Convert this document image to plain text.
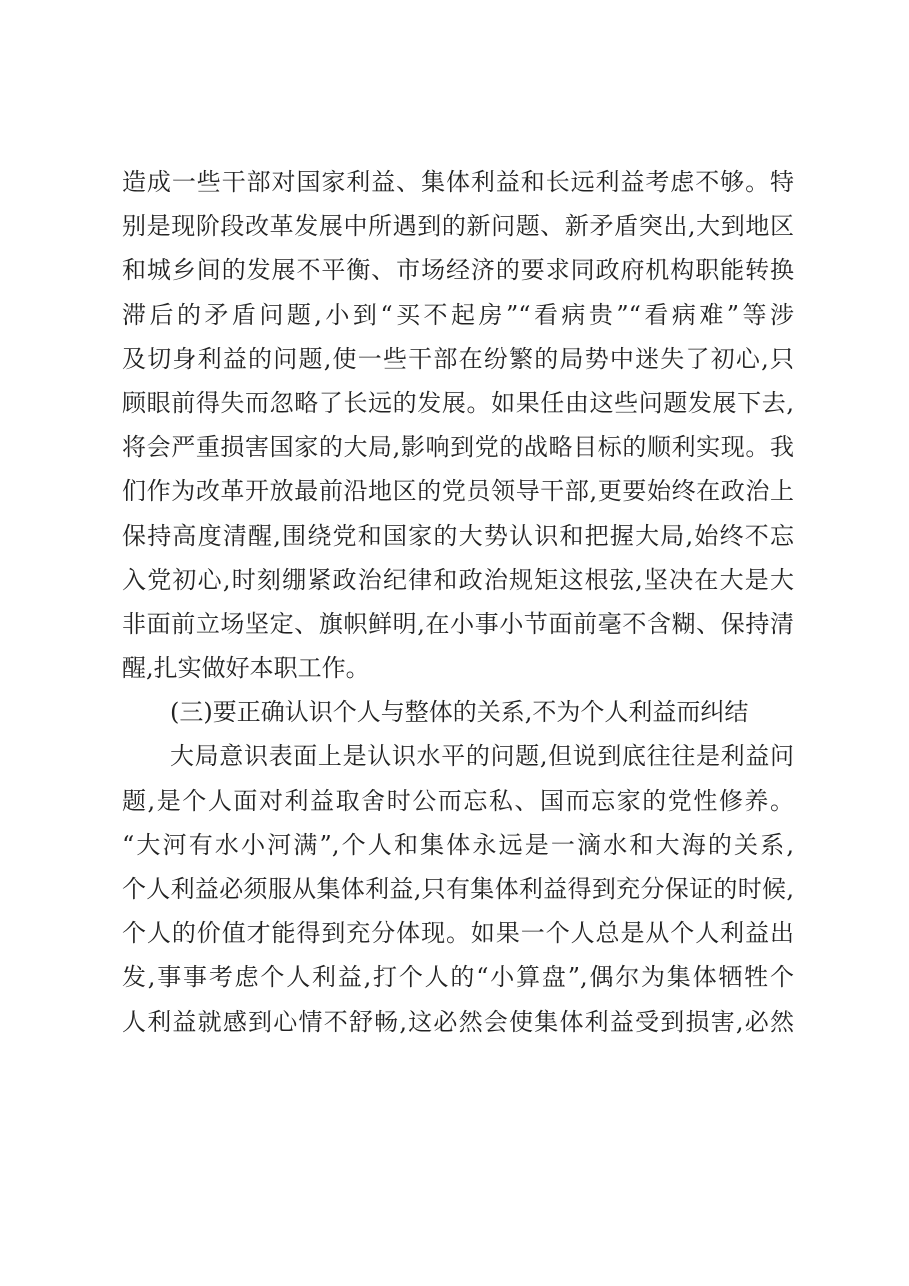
造成一些干部对国家利益、集体利益和长远利益考虑不够。特
别是现阶段改革发展中所遇到的新问题、新矛盾突出,大到地区
和城乡间的发展不平衡、市场经济的要求同政府机构职能转换
滞后的矛盾问题,小到“买不起房”“看病贵”“看病难”等涉
及切身利益的问题,使一些干部在纷繁的局势中迷失了初心,只
顾眼前得失而忽略了长远的发展。如果任由这些问题发展下去,
将会严重损害国家的大局,影响到党的战略目标的顺利实现。我
们作为改革开放最前沿地区的党员领导干部,更要始终在政治上
保持高度清醒,围绕党和国家的大势认识和把握大局,始终不忘
入党初心,时刻绷紧政治纪律和政治规矩这根弦,坚决在大是大
非面前立场坚定、旗帜鲜明,在小事小节面前毫不含糊、保持清
醒,扎实做好本职工作。
(三)要正确认识个人与整体的关系,不为个人利益而纠结
大局意识表面上是认识水平的问题,但说到底往往是利益问
题,是个人面对利益取舍时公而忘私、国而忘家的党性修养。
“大河有水小河满”,个人和集体永远是一滴水和大海的关系,
个人利益必须服从集体利益,只有集体利益得到充分保证的时候,
个人的价值才能得到充分体现。如果一个人总是从个人利益出
发,事事考虑个人利益,打个人的“小算盘”,偶尔为集体牺牲个
人利益就感到心情不舒畅,这必然会使集体利益受到损害,必然
